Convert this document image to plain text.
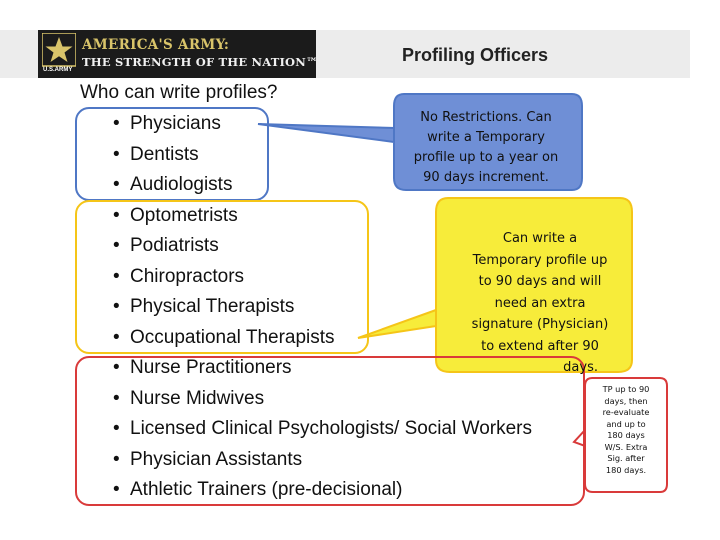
U.S.ARMY
AMERICA'S ARMY:
THE STRENGTH OF THE NATION™	Profiling Officers
Who can write profiles?
• Physicians
• Dentists
• Audiologists
• Optometrists
• Podiatrists
• Chiropractors
• Physical Therapists
• Occupational Therapists
• Nurse Practitioners
• Nurse Midwives
• Licensed Clinical Psychologists/ Social Workers
• Physician Assistants
• Athletic Trainers (pre-decisional)
No Restrictions. Can
write a Temporary
profile up to a year on
90 days increment.
Can write a
Temporary profile up
to 90 days and will
need an extra
signature (Physician)
to extend after 90
days.
TP up to 90
days, then
re-evaluate
and up to
180 days
W/S. Extra
Sig. after
180 days.
